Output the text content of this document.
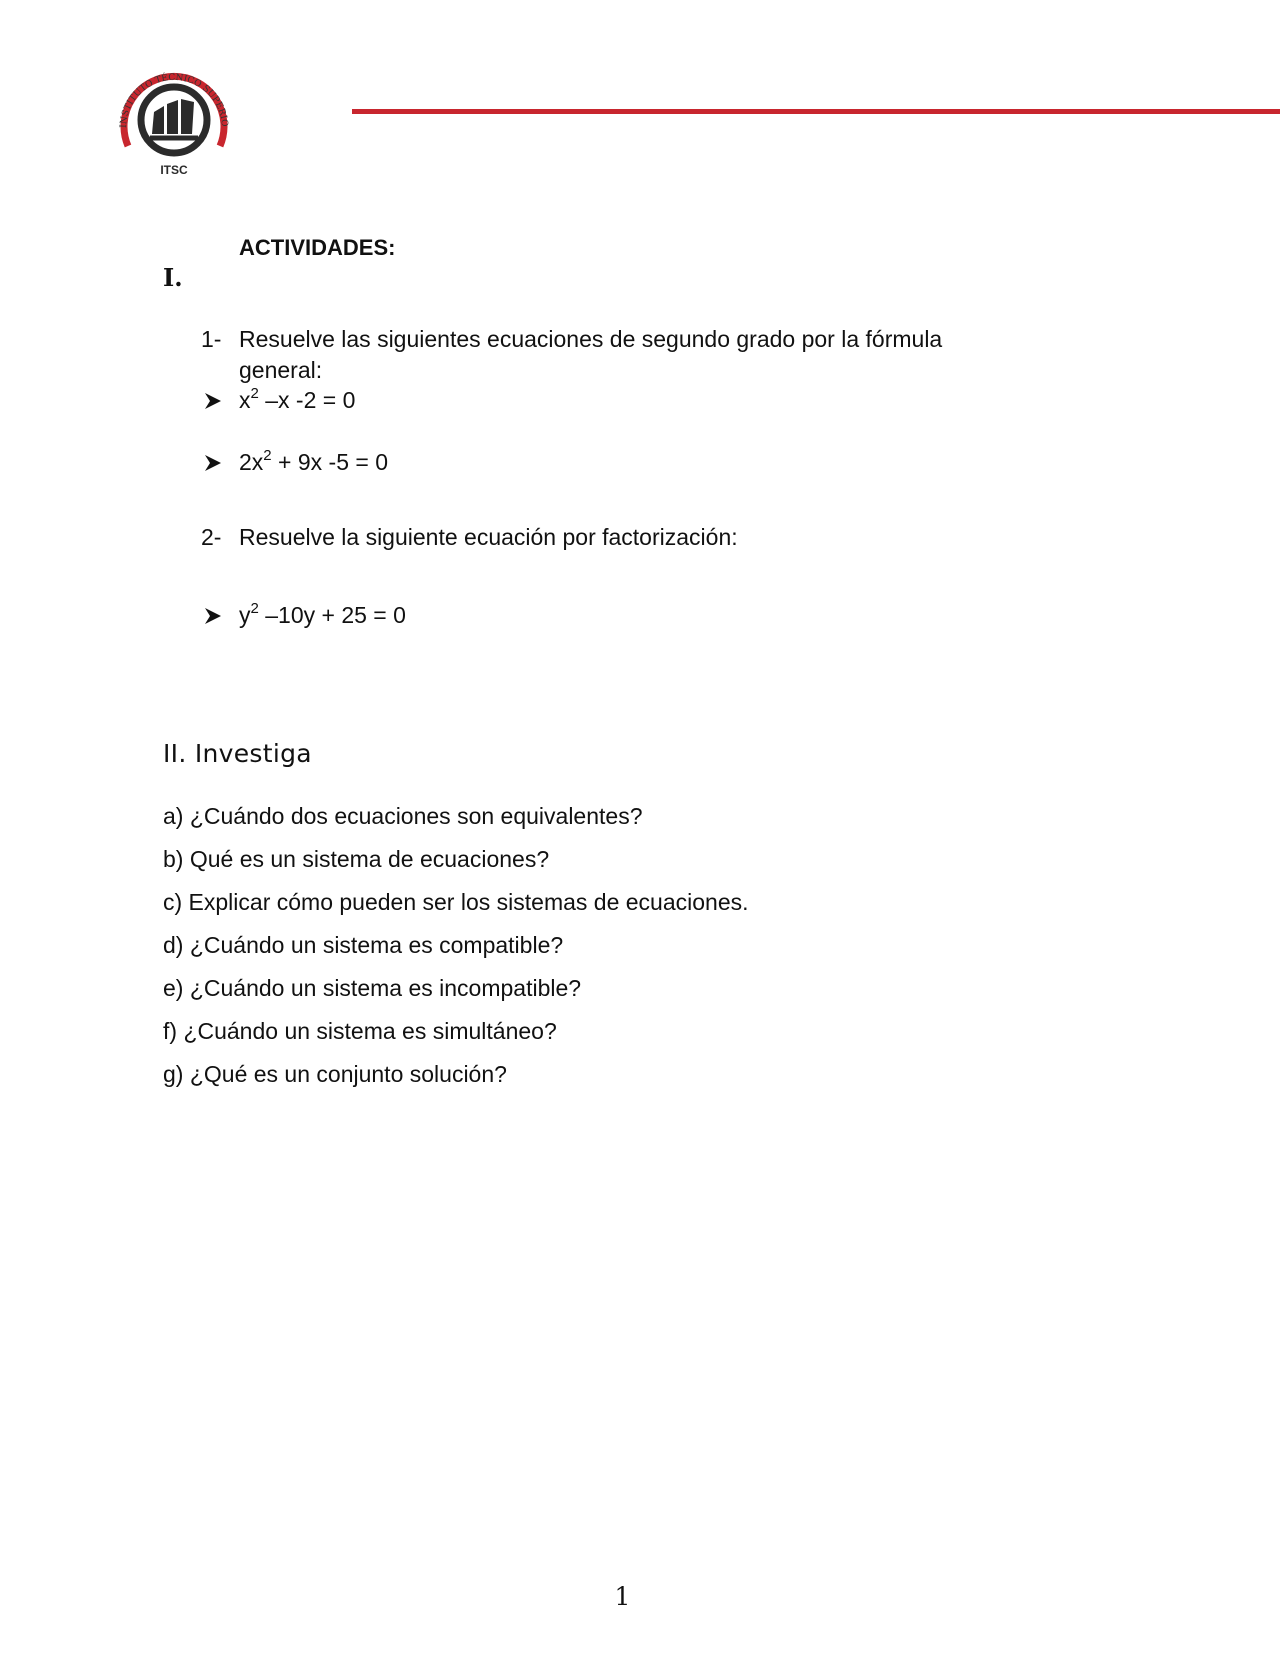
INSTITUTO TÉCNICO SUPERIO
ITSC
I.
ACTIVIDADES:
1- Resuelve las siguientes ecuaciones de segundo grado por la fórmula
general:
$x^2$ –x -2 = 0
$2x^2 + 9x$ -5 = 0
2- Resuelve la siguiente ecuación por factorización:
$y^2$ –10y + 25 = 0
II. Investiga
a) ¿Cuándo dos ecuaciones son equivalentes?
b) Qué es un sistema de ecuaciones?
c) Explicar cómo pueden ser los sistemas de ecuaciones.
d) ¿Cuándo un sistema es compatible?
e) ¿Cuándo un sistema es incompatible?
f) ¿Cuándo un sistema es simultáneo?
g) ¿Qué es un conjunto solución?
1
